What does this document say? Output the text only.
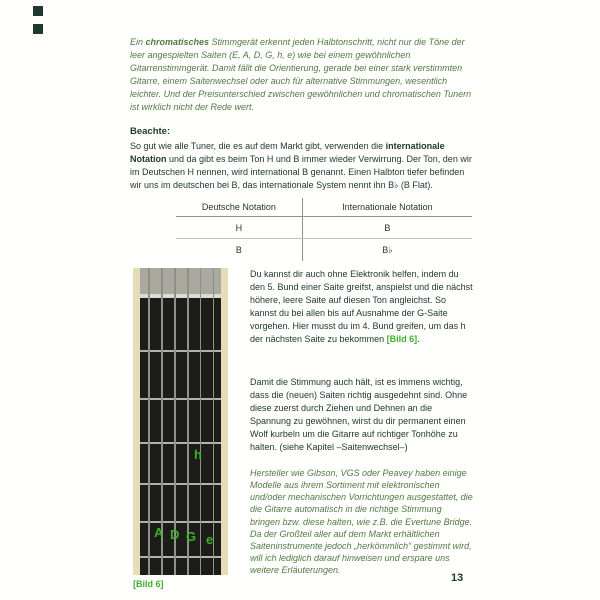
Ein chromatisches Stimmgerät erkennt jeden Halbtonschritt, nicht nur die Töne der leer angespielten Saiten (E, A, D, G, h, e) wie bei einem gewöhnlichen Gitarrenstimmgerät. Damit fällt die Orientierung, gerade bei einer stark verstimmten Gitarre, einem Saitenwechsel oder auch für alternative Stimmungen, wesentlich leichter. Und der Preisunterschied zwischen gewöhnlichen und chromatischen Tunern ist wirklich nicht der Rede wert.

Beachte:

So gut wie alle Tuner, die es auf dem Markt gibt, verwenden die internationale Notation und da gibt es beim Ton H und B immer wieder Verwirrung. Der Ton, den wir im Deutschen H nennen, wird international B genannt. Einen Halbton tiefer befinden wir uns im deutschen bei B, das internationale System nennt ihn B♭ (B Flat).

Deutsche Notation	Internationale Notation
H	B
B	B♭
h
A D G e
[Bild 6]

Du kannst dir auch ohne Elektronik helfen, indem du den 5. Bund einer Saite greifst, anspielst und die nächst höhere, leere Saite auf diesen Ton angleichst. So kannst du bei allen bis auf Ausnahme der G-Saite vorgehen. Hier musst du im 4. Bund greifen, um das h der nächsten Saite zu bekommen [Bild 6].

Damit die Stimmung auch hält, ist es immens wichtig, dass die (neuen) Saiten richtig ausgedehnt sind. Ohne diese zuerst durch Ziehen und Dehnen an die Spannung zu gewöhnen, wirst du dir permanent einen Wolf kurbeln um die Gitarre auf richtiger Tonhöhe zu halten. (siehe Kapitel –Saitenwechsel–)

Hersteller wie Gibson, VGS oder Peavey haben einige Modelle aus ihrem Sortiment mit elektronischen und/oder mechanischen Vorrichtungen ausgestattet, die die Gitarre automatisch in die richtige Stimmung bringen bzw. diese halten, wie z.B. die Evertune Bridge. Da der Großteil aller auf dem Markt erhältlichen Saiteninstrumente jedoch „herkömmlich“ gestimmt wird, will ich lediglich darauf hinweisen und erspare uns weitere Erläuterungen.

13
